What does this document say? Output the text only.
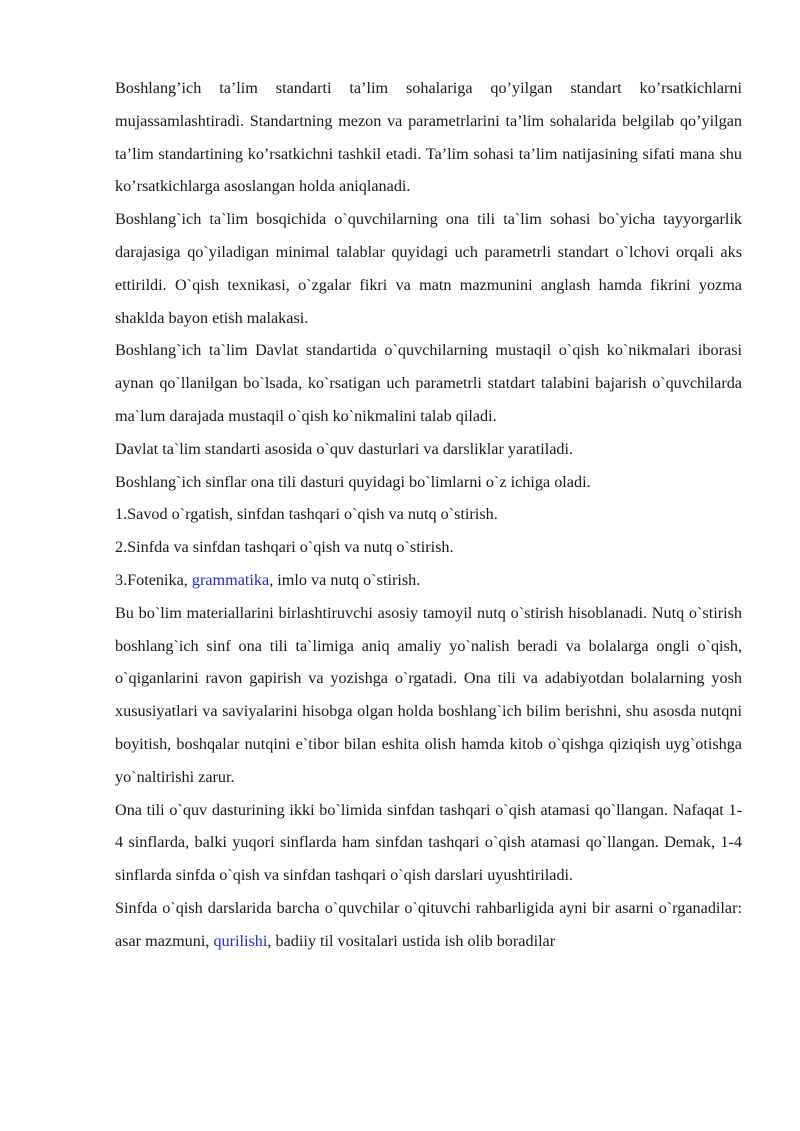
Boshlang’ich ta’lim standarti ta’lim sohalariga qo’yilgan standart ko’rsatkichlarni mujassamlashtiradi. Standartning mezon va parametrlarini ta’lim sohalarida belgilab qo’yilgan ta’lim standartining ko’rsatkichni tashkil etadi. Ta’lim sohasi ta’lim natijasining sifati mana shu ko’rsatkichlarga asoslangan holda aniqlanadi.

Boshlang`ich ta`lim bosqichida o`quvchilarning ona tili ta`lim sohasi bo`yicha tayyorgarlik darajasiga qo`yiladigan minimal talablar quyidagi uch parametrli standart o`lchovi orqali aks ettirildi. O`qish texnikasi, o`zgalar fikri va matn mazmunini anglash hamda fikrini yozma shaklda bayon etish malakasi.

Boshlang`ich ta`lim Davlat standartida o`quvchilarning mustaqil o`qish ko`nikmalari iborasi aynan qo`llanilgan bo`lsada, ko`rsatigan uch parametrli statdart talabini bajarish o`quvchilarda ma`lum darajada mustaqil o`qish ko`nikmalini talab qiladi.

Davlat ta`lim standarti asosida o`quv dasturlari va darsliklar yaratiladi.

Boshlang`ich sinflar ona tili dasturi quyidagi bo`limlarni o`z ichiga oladi.

1.Savod o`rgatish, sinfdan tashqari o`qish va nutq o`stirish.

2.Sinfda va sinfdan tashqari o`qish va nutq o`stirish.

3.Fotenika, grammatika, imlo va nutq o`stirish.

Bu bo`lim materiallarini birlashtiruvchi asosiy tamoyil nutq o`stirish hisoblanadi. Nutq o`stirish boshlang`ich sinf ona tili ta`limiga aniq amaliy yo`nalish beradi va bolalarga ongli o`qish, o`qiganlarini ravon gapirish va yozishga o`rgatadi. Ona tili va adabiyotdan bolalarning yosh xususiyatlari va saviyalarini hisobga olgan holda boshlang`ich bilim berishni, shu asosda nutqni boyitish, boshqalar nutqini e`tibor bilan eshita olish hamda kitob o`qishga qiziqish uyg`otishga yo`naltirishi zarur.

Ona tili o`quv dasturining ikki bo`limida sinfdan tashqari o`qish atamasi qo`llangan. Nafaqat 1-4 sinflarda, balki yuqori sinflarda ham sinfdan tashqari o`qish atamasi qo`llangan. Demak, 1-4 sinflarda sinfda o`qish va sinfdan tashqari o`qish darslari uyushtiriladi.

Sinfda o`qish darslarida barcha o`quvchilar o`qituvchi rahbarligida ayni bir asarni o`rganadilar: asar mazmuni, qurilishi, badiiy til vositalari ustida ish olib boradilar
